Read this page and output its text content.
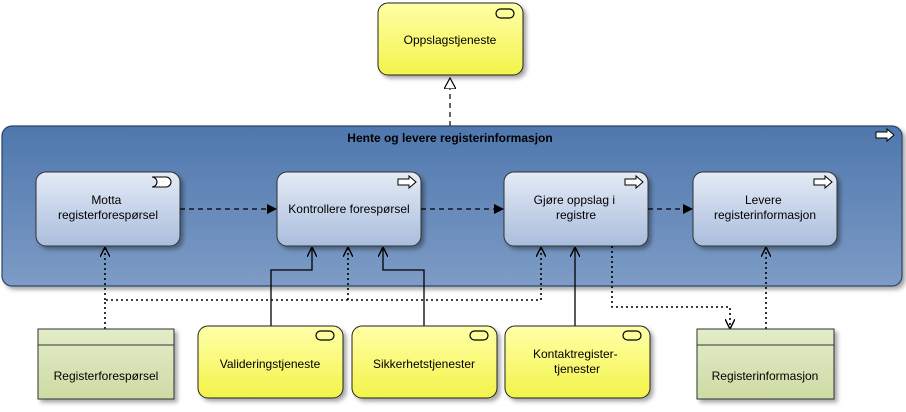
Oppslagstjeneste
Hente og levere registerinformasjon
Motta registerforespørsel	Kontrollere forespørsel
Gjøre oppslag i registre
Levere registerinformasjon
Registerforespørsel	Registerinformasjon
Valideringstjeneste	Sikkerhetstjenester
Kontaktregister- tjenester
